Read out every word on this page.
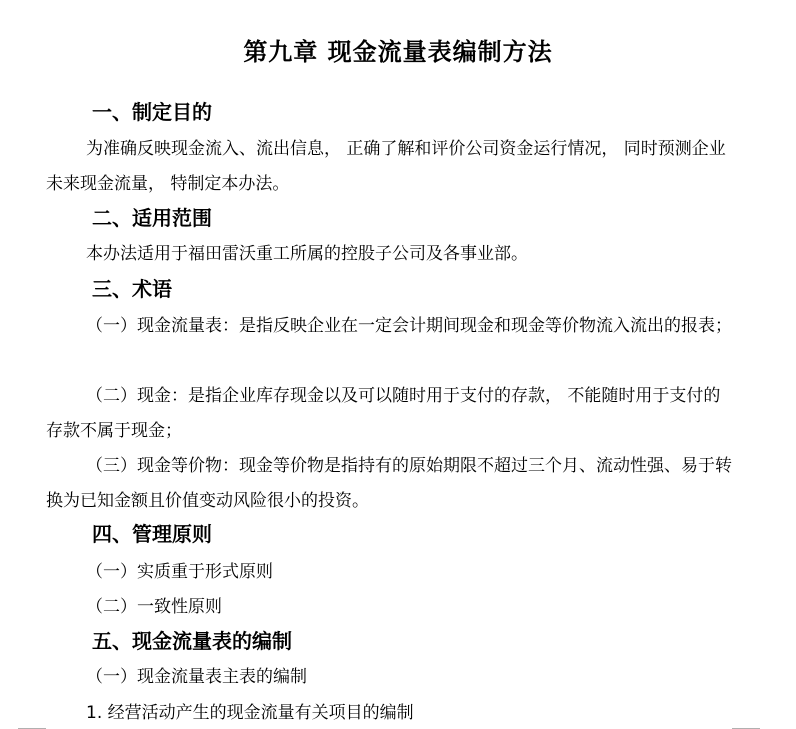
第九章 现金流量表编制方法
一、制定目的

为准确反映现金流入、流出信息， 正确了解和评价公司资金运行情况， 同时预测企业未来现金流量， 特制定本办法。

二、适用范围

本办法适用于福田雷沃重工所属的控股子公司及各事业部。

三、术语

（一）现金流量表：是指反映企业在一定会计期间现金和现金等价物流入流出的报表；

（二）现金：是指企业库存现金以及可以随时用于支付的存款， 不能随时用于支付的存款不属于现金；

（三）现金等价物：现金等价物是指持有的原始期限不超过三个月、流动性强、易于转换为已知金额且价值变动风险很小的投资。

四、管理原则

（一）实质重于形式原则

（二）一致性原则

五、现金流量表的编制

（一）现金流量表主表的编制

1. 经营活动产生的现金流量有关项目的编制
